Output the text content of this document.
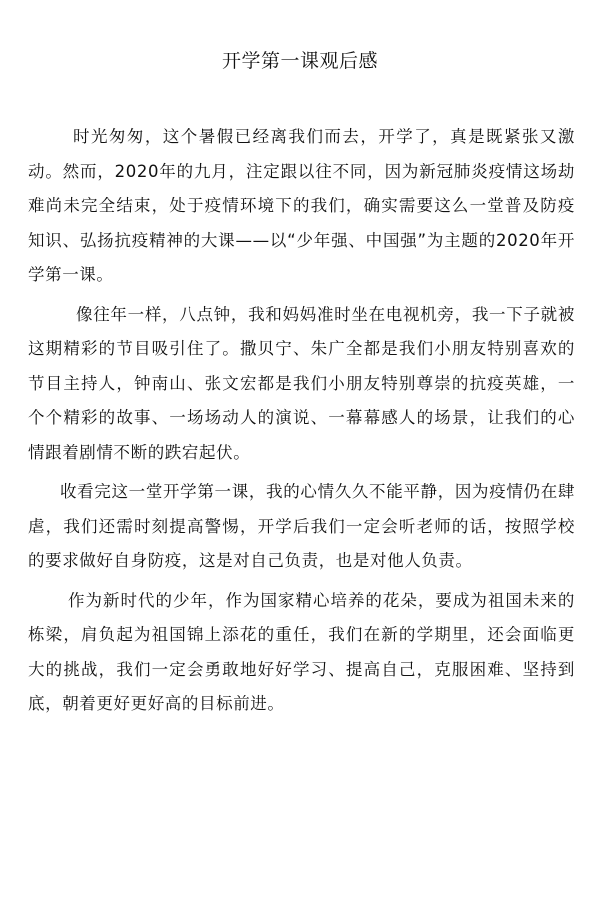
开学第一课观后感

时光匆匆，这个暑假已经离我们而去，开学了，真是既紧张又激动。然而，2020年的九月，注定跟以往不同，因为新冠肺炎疫情这场劫难尚未完全结束，处于疫情环境下的我们，确实需要这么一堂普及防疫知识、弘扬抗疫精神的大课——以“少年强、中国强”为主题的2020年开学第一课。

像往年一样，八点钟，我和妈妈准时坐在电视机旁，我一下子就被这期精彩的节目吸引住了。撒贝宁、朱广全都是我们小朋友特别喜欢的节目主持人，钟南山、张文宏都是我们小朋友特别尊崇的抗疫英雄，一个个精彩的故事、一场场动人的演说、一幕幕感人的场景，让我们的心情跟着剧情不断的跌宕起伏。

收看完这一堂开学第一课，我的心情久久不能平静，因为疫情仍在肆虐，我们还需时刻提高警惕，开学后我们一定会听老师的话，按照学校的要求做好自身防疫，这是对自己负责，也是对他人负责。

作为新时代的少年，作为国家精心培养的花朵，要成为祖国未来的栋梁，肩负起为祖国锦上添花的重任，我们在新的学期里，还会面临更大的挑战，我们一定会勇敢地好好学习、提高自己，克服困难、坚持到底，朝着更好更好高的目标前进。
